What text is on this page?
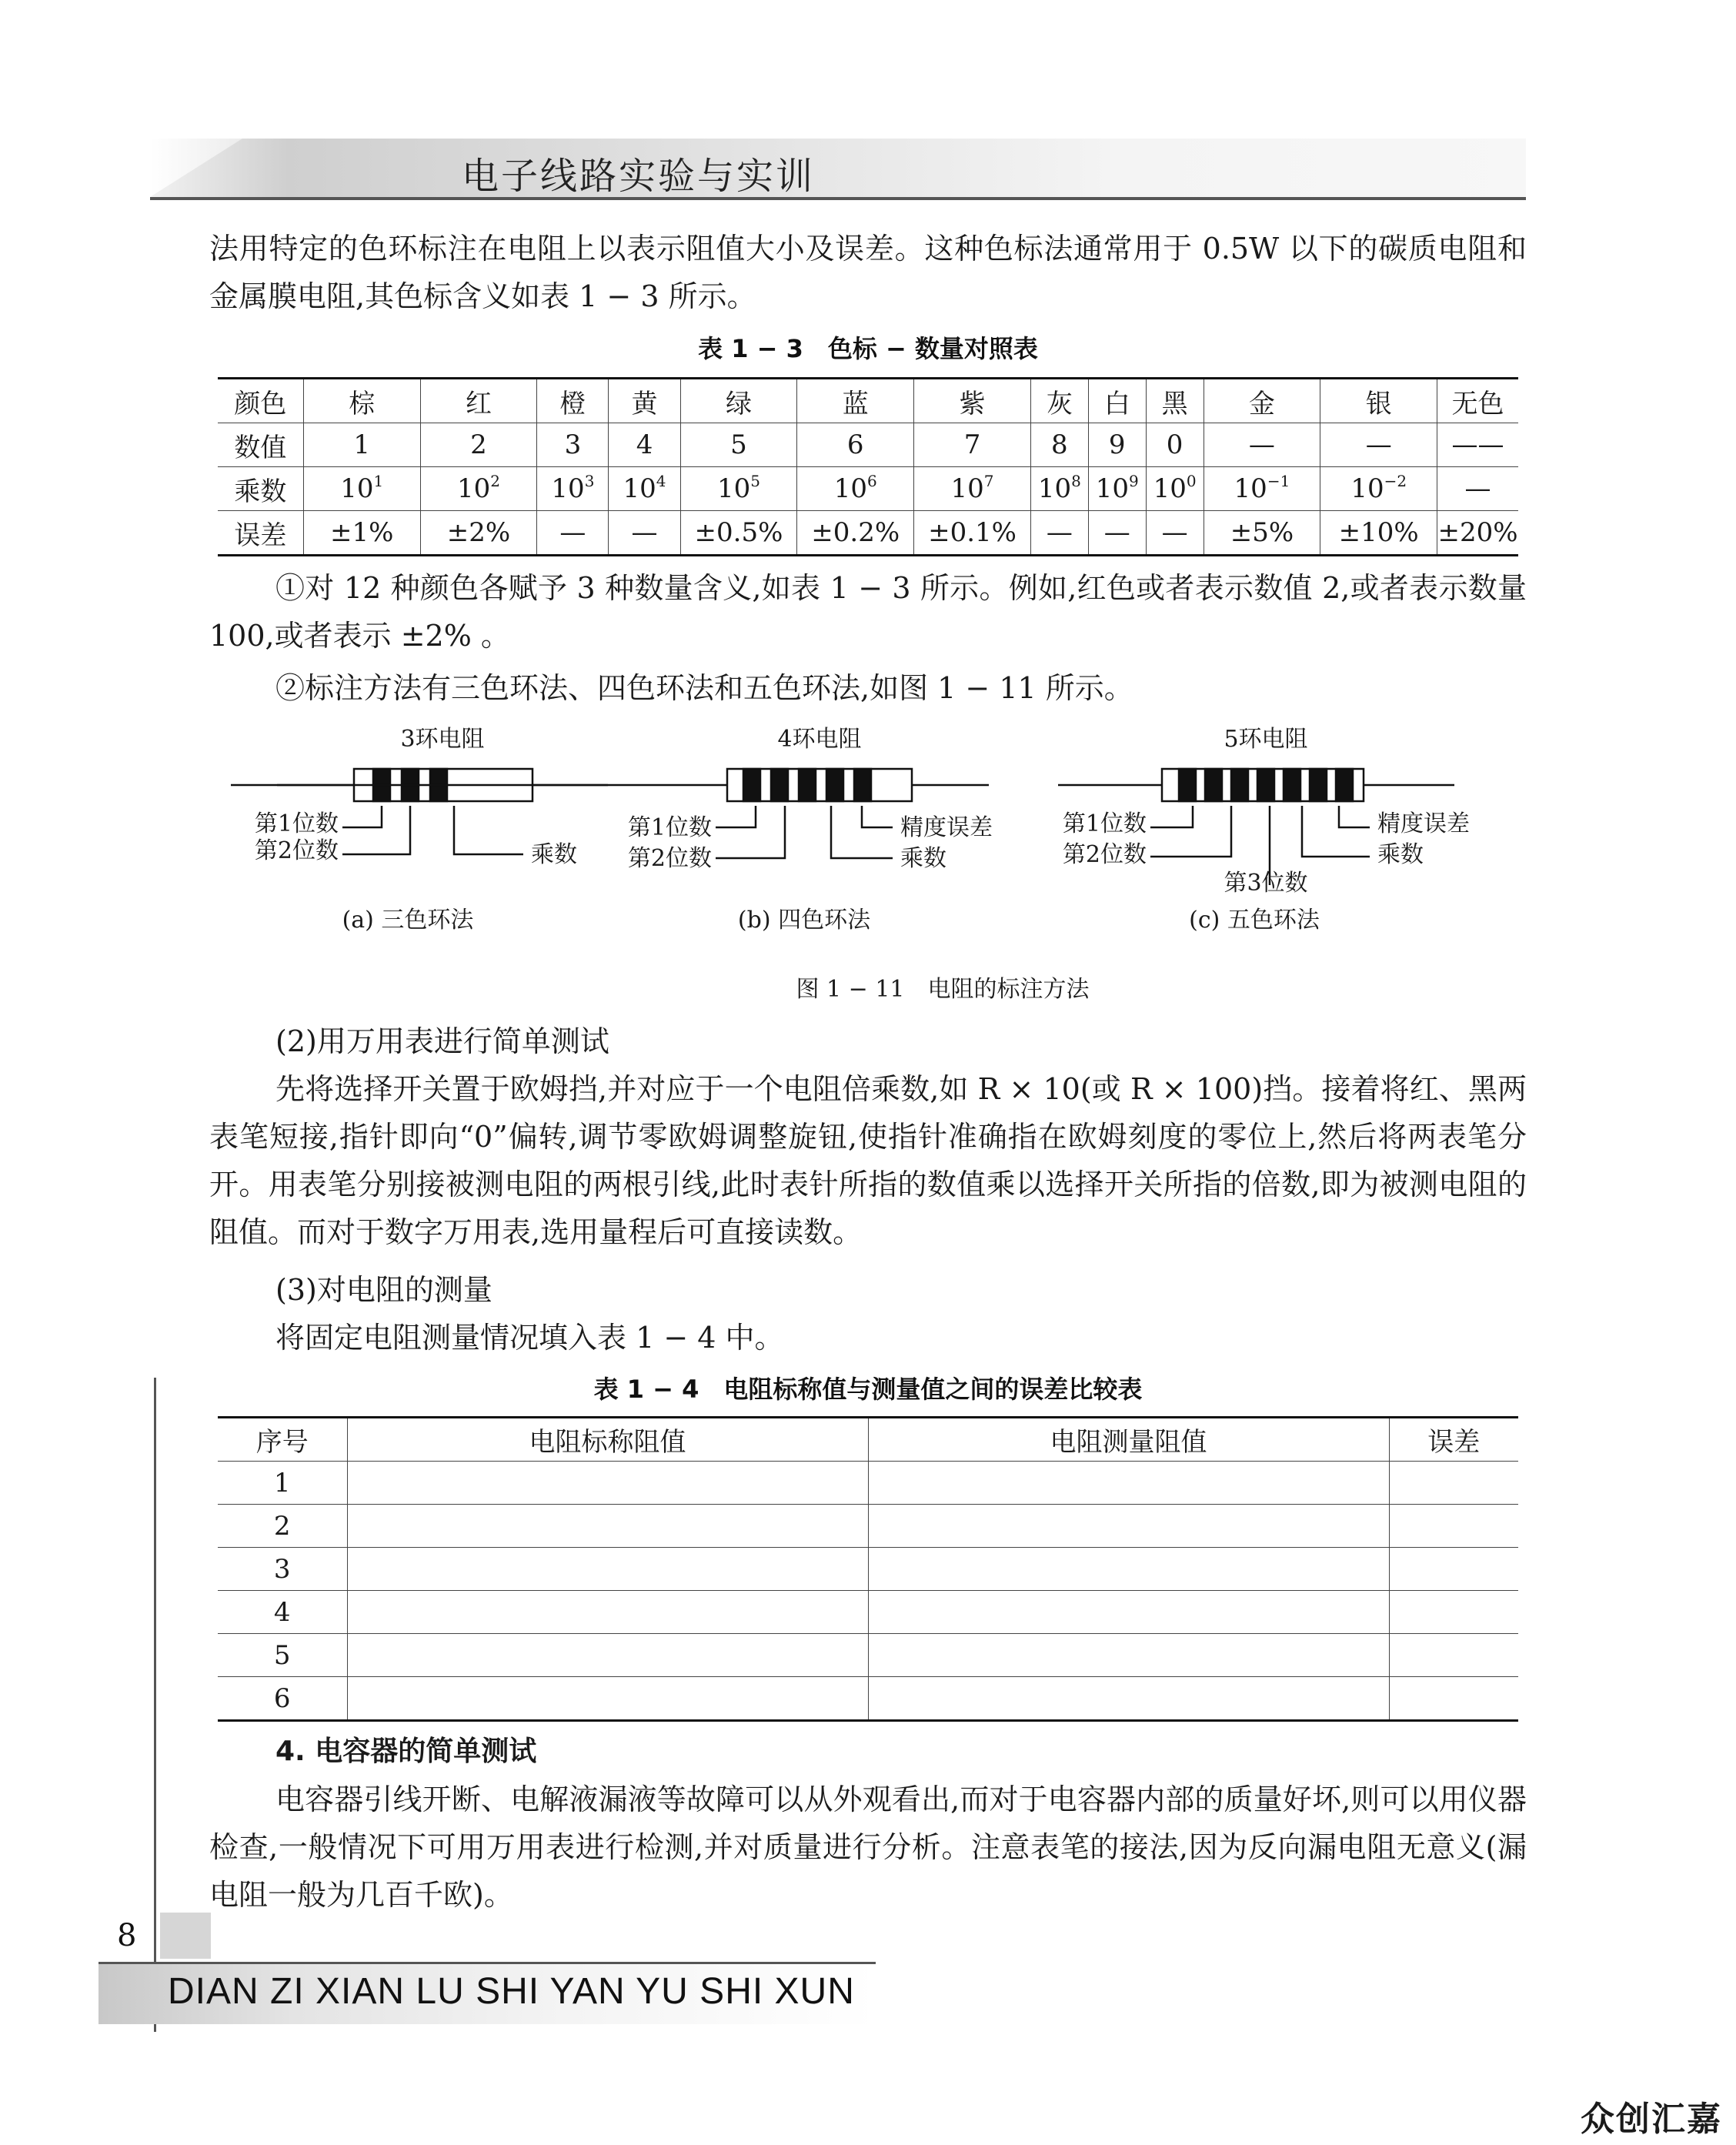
电子线路实验与实训
法用特定的色环标注在电阻上以表示阻值大小及误差。这种色标法通常用于 0.5W 以下的碳质电阻和金属膜电阻,其色标含义如表 1 − 3 所示。
表 1 − 3　色标 − 数量对照表
颜色	棕	红	橙	黄	绿	蓝	紫	灰	白	黑	金	银	无色
数值	1	2	3	4	5	6	7	8	9	0	—	—	——
乘数	$10^1$	$10^2$	$10^3$	$10^4$	$10^5$	$10^6$	$10^7$	$10^8$	$10^9$	$10^0$	$10^{-1}$	$10^{-2}$	—
误差	±1%	±2%	—	—	±0.5%	±0.2%	±0.1%	—	—	—	±5%	±10%	±20%
①对 12 种颜色各赋予 3 种数量含义,如表 1 − 3 所示。例如,红色或者表示数值 2,或者表示数量 100,或者表示 ±2% 。
②标注方法有三色环法、四色环法和五色环法,如图 1 − 11 所示。
3环电阻
第1位数
第2位数	乘数
(a) 三色环法
4环电阻
第1位数
第2位数
精度误差
乘数
(b) 四色环法
5环电阻
第1位数
第2位数
精度误差
乘数
第3位数
(c) 五色环法
图 1 − 11　电阻的标注方法
(2)用万用表进行简单测试
先将选择开关置于欧姆挡,并对应于一个电阻倍乘数,如 R × 10(或 R × 100)挡。接着将红、黑两表笔短接,指针即向“0”偏转,调节零欧姆调整旋钮,使指针准确指在欧姆刻度的零位上,然后将两表笔分开。用表笔分别接被测电阻的两根引线,此时表针所指的数值乘以选择开关所指的倍数,即为被测电阻的阻值。而对于数字万用表,选用量程后可直接读数。
(3)对电阻的测量
将固定电阻测量情况填入表 1 − 4 中。
表 1 − 4　电阻标称值与测量值之间的误差比较表
序号	电阻标称阻值	电阻测量阻值	误差
1			
2			
3			
4			
5			
6			
4. 电容器的简单测试
电容器引线开断、电解液漏液等故障可以从外观看出,而对于电容器内部的质量好坏,则可以用仪器检查,一般情况下可用万用表进行检测,并对质量进行分析。注意表笔的接法,因为反向漏电阻无意义(漏电阻一般为几百千欧)。
8
DIAN ZI XIAN LU SHI YAN YU SHI XUN
众创汇嘉
